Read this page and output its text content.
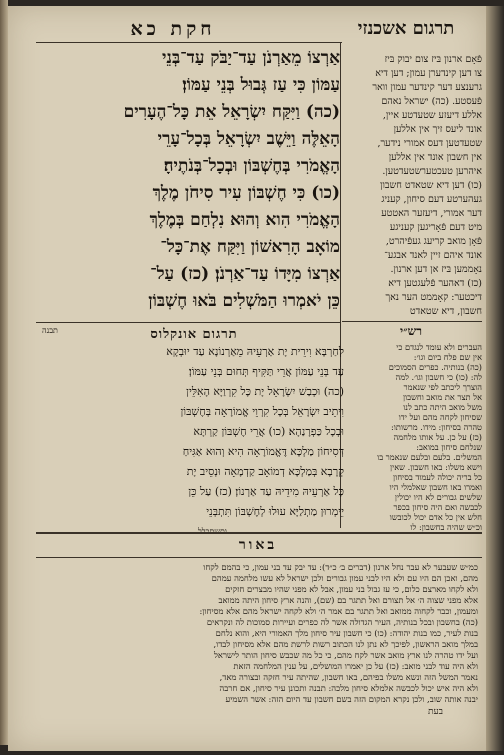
חקת כא	תרגום אשכנזי
אַרְצוֹ מֵאַרְנֹן עַד־יַבֹּק עַד־בְּנֵי
עַמּוֹן כִּי עַז גְּבוּל בְּנֵי עַמּוֹן׃
(כה) וַיִּקַּח יִשְׂרָאֵל אֵת כָּל־הֶעָרִים
הָאֵלֶּה וַיֵּשֶׁב יִשְׂרָאֵל בְּכָל־עָרֵי
הָאֱמֹרִי בְּחֶשְׁבּוֹן וּבְכָל־בְּנֹתֶיהָ׃
(כו) כִּי חֶשְׁבּוֹן עִיר סִיחֹן מֶלֶךְ
הָאֱמֹרִי הִוא וְהוּא נִלְחַם בְּמֶלֶךְ
מוֹאָב הָרִאשׁוֹן וַיִּקַּח אֶת־כָּל־
אַרְצוֹ מִיָּדוֹ עַד־אַרְנֹן׃ (כז) עַל־
כֵּן יֹאמְרוּ הַמֹּשְׁלִים בֹּאוּ חֶשְׁבּוֹן
פֿאָם ארנון בּיז צום יבוק בּיז
צו דען קינדערן עמון; דען דיא
גרענצע דער קינדער עמון וואר
פֿעסטע. (כה) ישראל נאהם
אללע דיעזע שטעדטע איין,
אונד ליעס זיך אין אללען
שטעדטען דעס אמורי נידער,
אין חשבון אונד אין אללען
איהרען טעכטערשטעדטען.
(כו) דען דיא שטאדט חשבון
געהערטע דעם סיחון, קעניג
דער אמורי, דיעזער האטטע
מיט דעם פֿאָריגען קעניגע
פֿאָן מואב קריעג געפֿיהרט,
אונד איהם זיין לאנד אבגע־
נאָממען בּיז אן דען ארנון.
(כז) דאהער פֿלעגטען דיא
דיכטער: קאָממט הער נאך
חשבון, דיא שטאדט
רש״י
העברים ולא עומד לנגדם כי
אין שם פלח ביום וגו׳:
(כה) בנותיה. כפרים הסמוכים
לה: (כו) כי חשבון וגו׳. למה
הוצרך ליכתב לפי שנאמר
אל תצר את מואב וחשבון
משל מואב היתה כתב לנו
שסיחון לקחה מהם ועל ידו
טהרה בסיחון: מידו. מרשותו:
(כז) על כן. על אותו מלחמה
שנלחם סיחון במואב:
המשלים. בלעם ובלעם שנאמר בו
וישא משלו: באו חשבון. שאין
כל בריה יכולה לעמוד בסיחון
ואמרו באו חשבון שאלמלי היו
שלשים גבורים לא היו יכולין
לכבשה ואם היה סיחון בכפר
חלש אין כל אדם יכול לכובשו
וכ״ש שהיה בחשבון: לו
תבנה	תרגום אונקלוס
לְחַרְבָּא וִירֵית יָת אַרְעֵיהּ מֵאַרְנוֹנָא עַד יוּבְקָא
עַד בְּנֵי עַמּוֹן אֲרֵי תַּקִּיף תְּחוּם בְּנֵי עַמּוֹן׃
(כה) וּכְבַשׁ יִשְׂרָאֵל יָת כָּל קִרְוַיָּא הָאִלֵּין
וִיתֵיב יִשְׂרָאֵל בְּכָל קִרְוֵי אֱמוֹרָאָה בְּחֶשְׁבּוֹן
וּבְכָל כַּפְרָנַהָא׃ (כו) אֲרֵי חֶשְׁבּוֹן קַרְתָּא
דְּסִיחוֹן מַלְכָּא דֶּאֱמוֹרָאָה הִיא וְהוּא אַגִּיחַ
קְרָבָא בְּמַלְכָּא דְמוֹאָב קַדְמָאָה וּנְסֵיב יָת
כָּל אַרְעֵיהּ מִידֵיהּ עַד אַרְנוֹן׃ (כז) עַל כֵּן
יֵימְרוּן מַתְלַיָּא עוּלוּ לְחֶשְׁבּוֹן תִּתְבְּנֵי
באור
כמ״ש שעבער לא עבר נחל ארנון (דברים ב׳ כ״ד): עד יבק עד בני עמון, כי בהמם לקחו
מהם, ואכן הם היו עם ולא היו לבני עמון גבורים ולכן ישראל לא עשו מלחמה עמהם
ולא לקחו מארצם כלום, כי עז גבול בני עמון, אבל לא מפני שהיו מבצרים חזקים
אלא מפני שצוה ה׳ אל תצורם ואל תתגר בם (שם), והנה ארץ סיחון היתה ממואב
ומעמון, וכבר לקחוה ממואב ואל תתגר בם אמר ה׳ ולא לקחה ישראל מהם אלא מסיחון:
(כה) בחשבון ובכל בנותיה, העיר הגדולה אשר לה כפרים ועיירות סמוכות לה ונקראים
בנות לעיר, כמו בנות יהודה: (כו) כי חשבון עיר סיחון מלך האמורי היא, והוא נלחם
במלך מואב הראשון, לפיכך לא נתן לנו הכתוב רשות לרשת מהם אלא מסיחון לבדו,
ועל ידו טהרה לנו ארץ מואב אשר לקח מהם, כי כל מה שכבש סיחון הותר לישראל
ולא היה עוד לבני מואב: (כז) על כן יאמרו המושלים, על ענין המלחמה הזאת
נאמר המשל הזה ונשא משלו בפיהם, באו חשבון, שהיתה עיר חזקה ובצורה מאד,
ולא היה איש יכול לכבשה אלמלא סיחון מלכה: תבנה ותכונן עיר סיחון, אם חרבה
יבנה אותה שוב, ולכן נקרא המקום הזה בשם חשבון עד היום הזה: אשר השמיע
בעת
